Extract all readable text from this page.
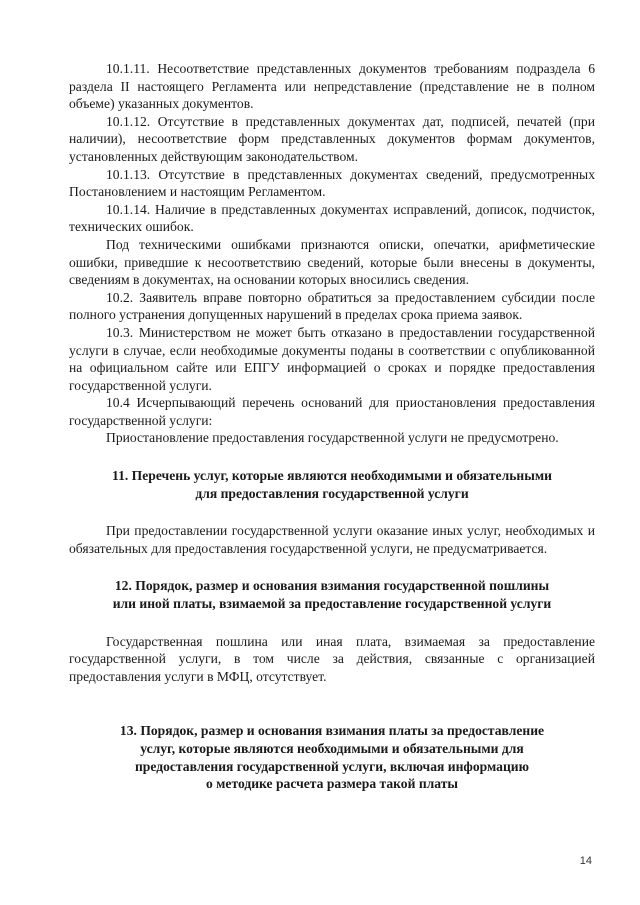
10.1.11. Несоответствие представленных документов требованиям подраздела 6 раздела II настоящего Регламента или непредставление (представление не в полном объеме) указанных документов.

10.1.12. Отсутствие в представленных документах дат, подписей, печатей (при наличии), несоответствие форм представленных документов формам документов, установленных действующим законодательством.

10.1.13. Отсутствие в представленных документах сведений, предусмотренных Постановлением и настоящим Регламентом.

10.1.14. Наличие в представленных документах исправлений, дописок, подчисток, технических ошибок.

Под техническими ошибками признаются описки, опечатки, арифметические ошибки, приведшие к несоответствию сведений, которые были внесены в документы, сведениям в документах, на основании которых вносились сведения.

10.2. Заявитель вправе повторно обратиться за предоставлением субсидии после полного устранения допущенных нарушений в пределах срока приема заявок.

10.3. Министерством не может быть отказано в предоставлении государственной услуги в случае, если необходимые документы поданы в соответствии с опубликованной на официальном сайте или ЕПГУ информацией о сроках и порядке предоставления государственной услуги.

10.4 Исчерпывающий перечень оснований для приостановления предоставления государственной услуги:

Приостановление предоставления государственной услуги не предусмотрено.

11. Перечень услуг, которые являются необходимыми и обязательными

для предоставления государственной услуги

При предоставлении государственной услуги оказание иных услуг, необходимых и обязательных для предоставления государственной услуги, не предусматривается.

12. Порядок, размер и основания взимания государственной пошлины

или иной платы, взимаемой за предоставление государственной услуги

Государственная пошлина или иная плата, взимаемая за предоставление государственной услуги, в том числе за действия, связанные с организацией предоставления услуги в МФЦ, отсутствует.

13. Порядок, размер и основания взимания платы за предоставление

услуг, которые являются необходимыми и обязательными для

предоставления государственной услуги, включая информацию

о методике расчета размера такой платы

14
